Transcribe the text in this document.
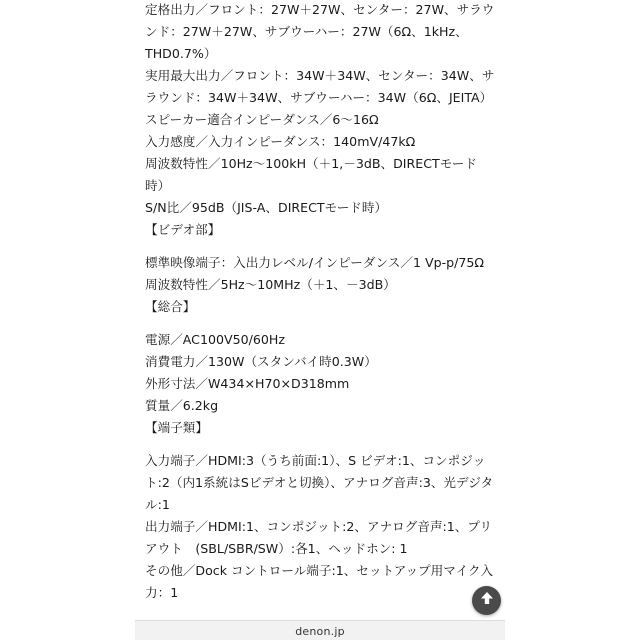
定格出力／フロント：27W＋27W、センター：27W、サラウンド：27W＋27W、サブウーハー：27W（6Ω、1kHz、THD0.7%）

実用最大出力／フロント：34W＋34W、センター：34W、サラウンド：34W＋34W、サブウーハー：34W（6Ω、JEITA）

スピーカー適合インピーダンス／6〜16Ω

入力感度／入力インピーダンス：140mV/47kΩ

周波数特性／10Hz〜100kH（＋1,－3dB、DIRECTモード時）

S/N比／95dB（JIS-A、DIRECTモード時）

【ビデオ部】

標準映像端子：入出力レベル/インピーダンス／1 Vp-p/75Ω

周波数特性／5Hz〜10MHz（＋1、－3dB）

【総合】

電源／AC100V50/60Hz

消費電力／130W（スタンバイ時0.3W）

外形寸法／W434×H70×D318mm

質量／6.2kg

【端子類】

入力端子／HDMI:3（うち前面:1）、S ビデオ:1、コンポジット:2（内1系統はSビデオと切換）、アナログ音声:3、光デジタル:1

出力端子／HDMI:1、コンポジット:2、アナログ音声:1、プリアウト　(SBL/SBR/SW）:各1、ヘッドホン: 1

その他／Dock コントロール端子:1、セットアップ用マイク入力：1

denon.jp
